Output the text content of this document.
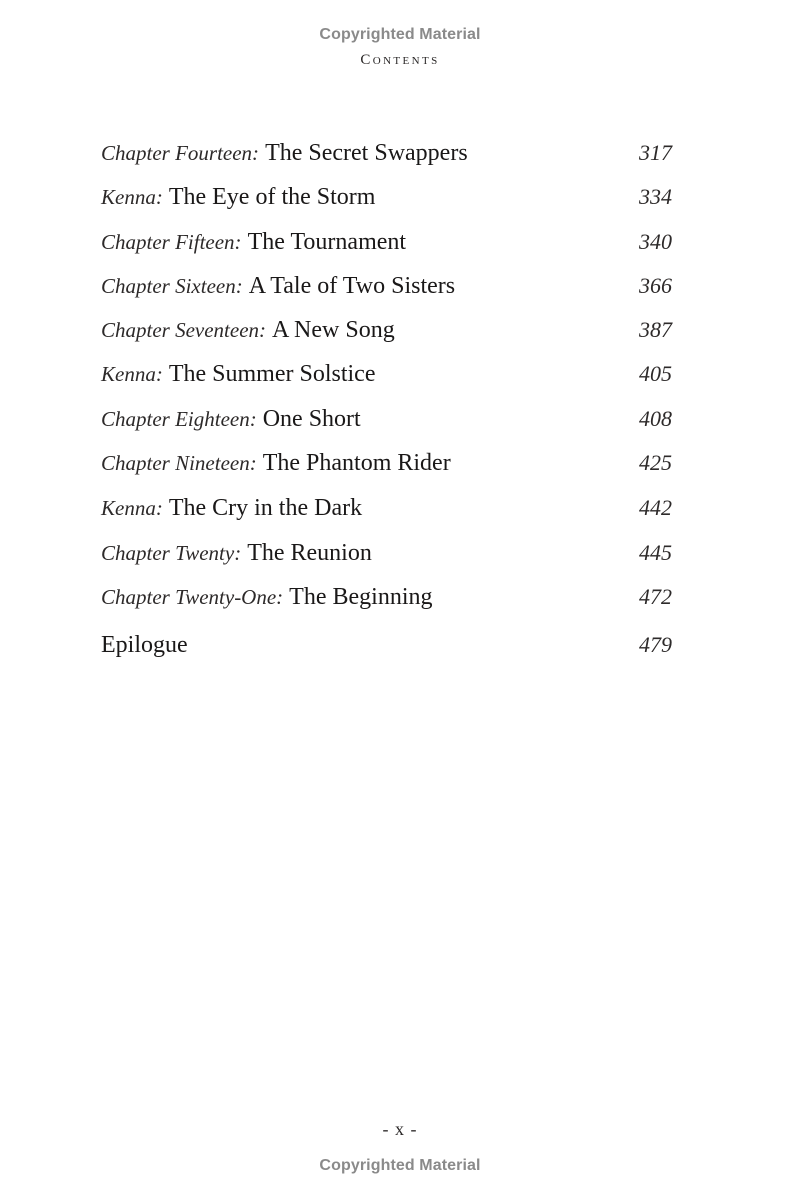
Copyrighted Material
Contents
Chapter Fourteen: The Secret Swappers	317
Kenna: The Eye of the Storm	334
Chapter Fifteen: The Tournament	340
Chapter Sixteen: A Tale of Two Sisters	366
Chapter Seventeen: A New Song	387
Kenna: The Summer Solstice	405
Chapter Eighteen: One Short	408
Chapter Nineteen: The Phantom Rider	425
Kenna: The Cry in the Dark	442
Chapter Twenty: The Reunion	445
Chapter Twenty-One: The Beginning	472
Epilogue	479
- x -
Copyrighted Material
